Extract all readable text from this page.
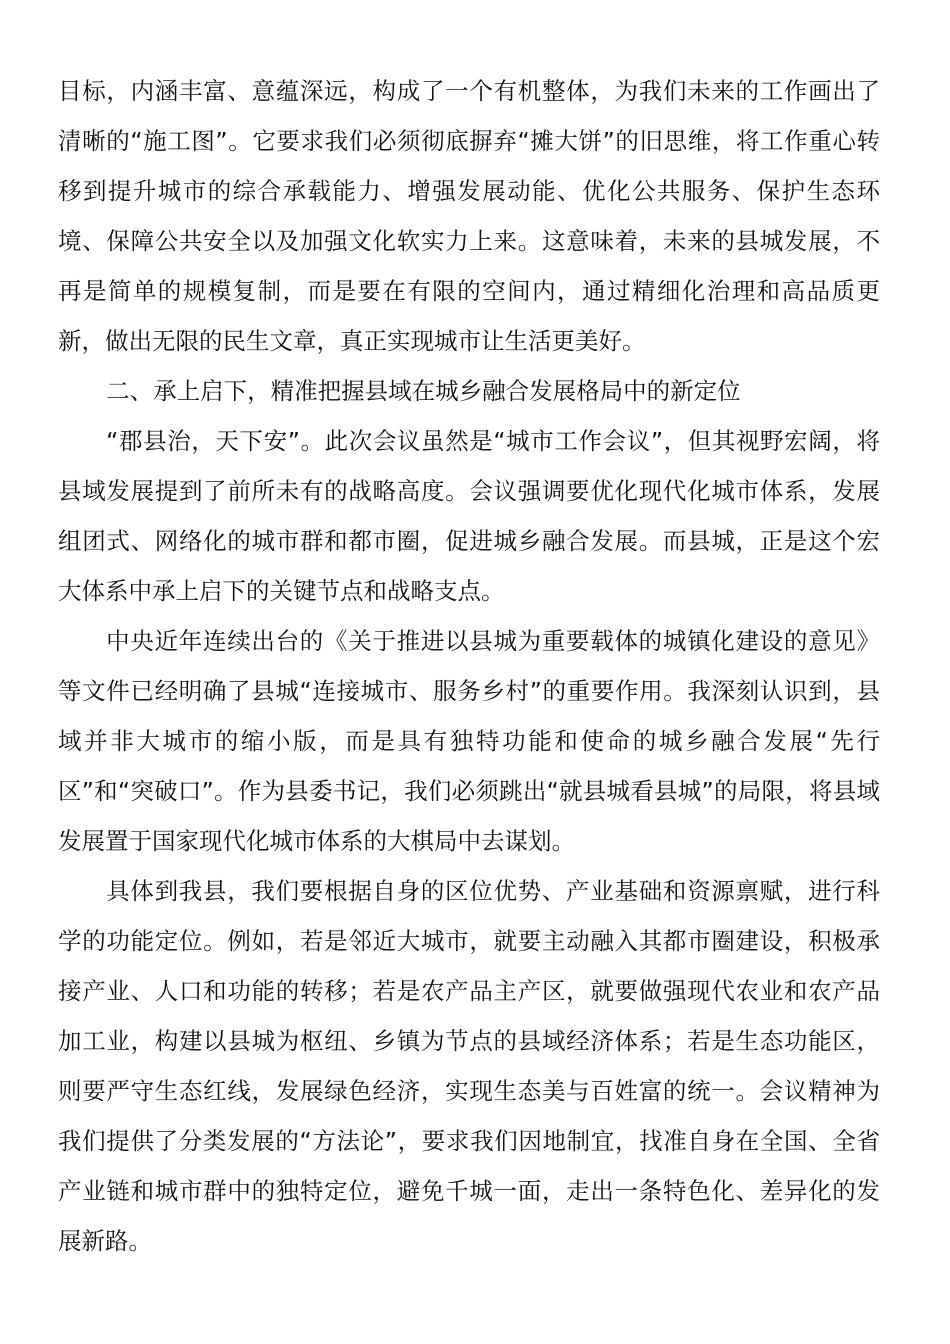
目标，内涵丰富、意蕴深远，构成了一个有机整体，为我们未来的工作画出了清晰的“施工图”。它要求我们必须彻底摒弃“摊大饼”的旧思维，将工作重心转移到提升城市的综合承载能力、增强发展动能、优化公共服务、保护生态环境、保障公共安全以及加强文化软实力上来。这意味着，未来的县城发展，不再是简单的规模复制，而是要在有限的空间内，通过精细化治理和高品质更新，做出无限的民生文章，真正实现城市让生活更美好。

二、承上启下，精准把握县域在城乡融合发展格局中的新定位

“郡县治，天下安”。此次会议虽然是“城市工作会议”，但其视野宏阔，将县域发展提到了前所未有的战略高度。会议强调要优化现代化城市体系，发展组团式、网络化的城市群和都市圈，促进城乡融合发展。而县城，正是这个宏大体系中承上启下的关键节点和战略支点。

中央近年连续出台的《关于推进以县城为重要载体的城镇化建设的意见》等文件已经明确了县城“连接城市、服务乡村”的重要作用。我深刻认识到，县域并非大城市的缩小版，而是具有独特功能和使命的城乡融合发展“先行区”和“突破口”。作为县委书记，我们必须跳出“就县城看县城”的局限，将县域发展置于国家现代化城市体系的大棋局中去谋划。

具体到我县，我们要根据自身的区位优势、产业基础和资源禀赋，进行科学的功能定位。例如，若是邻近大城市，就要主动融入其都市圈建设，积极承接产业、人口和功能的转移；若是农产品主产区，就要做强现代农业和农产品加工业，构建以县城为枢纽、乡镇为节点的县域经济体系；若是生态功能区，则要严守生态红线，发展绿色经济，实现生态美与百姓富的统一。会议精神为我们提供了分类发展的“方法论”，要求我们因地制宜，找准自身在全国、全省产业链和城市群中的独特定位，避免千城一面，走出一条特色化、差异化的发展新路。
